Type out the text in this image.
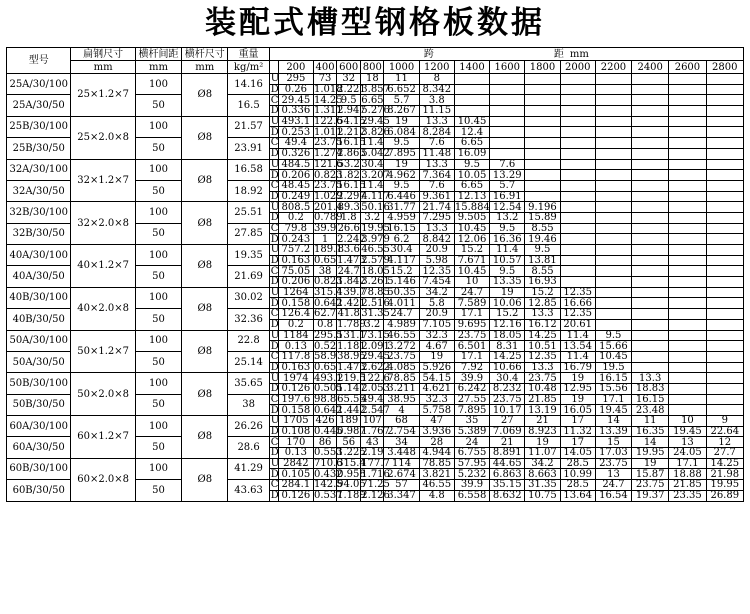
装配式槽型钢格板数据
型号	扁钢尺寸	横杆间距	横杆尺寸	重量	跨 距 mm														
	mm	mm	mm	kg/m²		200	400	600	800	1000	1200	1400	1600	1800	2000	2200	2400	2600	2800
25A/30/100	25×1.2×7	100	Ø8	14.16	U	295	73	32	18	11	8								
					D	0.26	1.018	2.221	3.857	6.652	8.342								
25A/30/50		50		16.5	C	29.45	14.25	9.5	6.65	5.7	3.8								
					D	0.336	1.311	2.947	5.276	8.267	11.15								
25B/30/100	25×2.0×8	100	Ø8	21.57	U	493.1	122.6	54.15	29.45	19	13.3	10.45							
					D	0.253	1.011	2.212	3.826	6.084	8.284	12.4							
25B/30/50		50		23.91	C	49.4	23.75	16.15	11.4	9.5	7.6	6.65							
					D	0.326	1.274	2.863	5.042	7.895	11.48	16.09							
32A/30/100	32×1.2×7	100	Ø8	16.58	U	484.5	121.6	53.2	30.4	19	13.3	9.5	7.6						
					D	0.206	0.823	1.82	3.207	4.962	7.364	10.05	13.29						
32A/30/50		50		18.92	C	48.45	23.75	16.15	11.4	9.5	7.6	6.65	5.7						
					D	0.249	1.029	2.297	4.117	6.446	9.361	12.13	16.91						
32B/30/100	32×2.0×8	100	Ø8	25.51	U	808.5	201.4	89.3	50.16	31.77	21.74	15.884	12.54	9.196					
					D	0.2	0.789	1.8	3.2	4.959	7.295	9.505	13.2	15.89					
32B/30/50		50		27.85	C	79.8	39.9	26.6	19.95	16.15	13.3	10.45	9.5	8.55					
					D	0.243	1	2.242	3.979	6.2	8.842	12.06	16.36	19.46					
40A/30/100	40×1.2×7	100	Ø8	19.35	U	757.2	189.1	83.6	46.55	30.4	20.9	15.2	11.4	9.5					
					D	0.163	0.65	1.473	2.579	4.117	5.98	7.671	10.57	13.81					
40A/30/50		50		21.69	C	75.05	38	24.7	18.05	15.2	12.35	10.45	9.5	8.55					
					D	0.206	0.823	1.842	3.261	5.146	7.454	10	13.35	16.93					
40B/30/100	40×2.0×8	100	Ø8	30.02	U	1264	315.4	139.7	78.85	50.35	34.2	24.7	19	15.2	12.35				
					D	0.158	0.642	1.421	2.516	4.011	5.8	7.589	10.06	12.85	16.66				
40B/30/50		50		32.36	C	126.4	62.7	41.8	31.35	24.7	20.9	17.1	15.2	13.3	12.35				
					D	0.2	0.8	1.789	3.2	4.989	7.105	9.695	12.16	16.12	20.61				
50A/30/100	50×1.2×7	100	Ø8	22.8	U	1184	295.5	131.1	73.15	46.55	32.3	23.75	18.05	14.25	11.4	9.5			
					D	0.13	0.52	1.181	2.091	3.272	4.67	6.501	8.31	10.51	13.54	15.66			
50A/30/50		50		25.14	C	117.8	58.9	38.95	29.45	23.75	19	17.1	14.25	12.35	11.4	10.45			
					D	0.163	0.65	1.473	2.622	4.085	5.926	7.92	10.66	13.3	16.79	19.5			
50B/30/100	50×2.0×8	100	Ø8	35.65	U	1974	493.1	219.5	122.6	78.85	54.15	39.9	30.4	23.75	19	16.15	13.3		
					D	0.126	0.505	1.147	2.053	3.211	4.621	6.242	8.232	10.48	12.95	15.56	18.83		
50B/30/50		50		38	C	197.6	98.8	65.55	49.4	38.95	32.3	27.55	23.75	21.85	19	17.1	16.15		
					D	0.158	0.642	1.442	2.547	4	5.758	7.895	10.17	13.19	16.05	19.45	23.48		
60A/30/100	60×1.2×7	100	Ø8	26.26	U	1705	426	189	107	68	47	35	27	21	17	14	11	10	9
					D	0.108	0.445	0.987	1.767	2.754	3.936	5.389	7.069	8.923	11.32	13.39	16.35	19.45	22.64
60A/30/50		50		28.6	C	170	86	56	43	34	28	24	21	19	17	15	14	13	12
					D	0.13	0.553	1.225	2.19	3.448	4.944	6.755	8.891	11.07	14.05	17.03	19.95	24.05	27.7
60B/30/100	60×2.0×8	100	Ø8	41.29	U	2842	710.6	315.4	177.7	114	78.85	57.95	44.65	34.2	28.5	23.75	19	17.1	14.25
					D	0.105	0.432	0.958	1.716	2.674	3.821	5.232	6.863	8.663	10.99	13	15.87	18.88	21.98
60B/30/50		50		43.63	C	284.1	142.5	94.05	71.25	57	46.55	39.9	35.15	31.35	28.5	24.7	23.75	21.85	19.95
					D	0.126	0.537	1.189	2.126	3.347	4.8	6.558	8.632	10.75	13.64	16.54	19.37	23.35	26.89
